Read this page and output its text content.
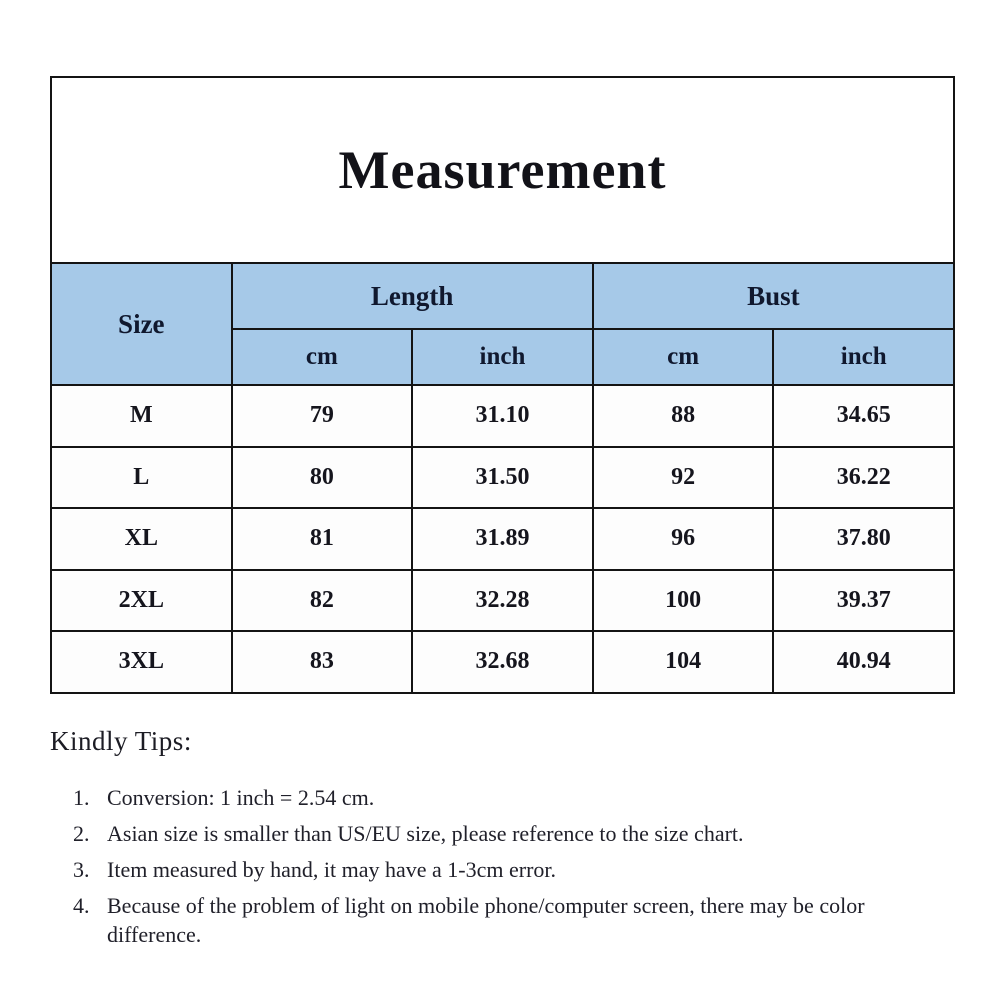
Measurement				
Size	Length		Bust	
	cm	inch	cm	inch
M	79	31.10	88	34.65
L	80	31.50	92	36.22
XL	81	31.89	96	37.80
2XL	82	32.28	100	39.37
3XL	83	32.68	104	40.94
Kindly Tips:
1. Conversion: 1 inch = 2.54 cm.
2. Asian size is smaller than US/EU size, please reference to the size chart.
3. Item measured by hand, it may have a 1-3cm error.
4. Because of the problem of light on mobile phone/computer screen, there may be color difference.
